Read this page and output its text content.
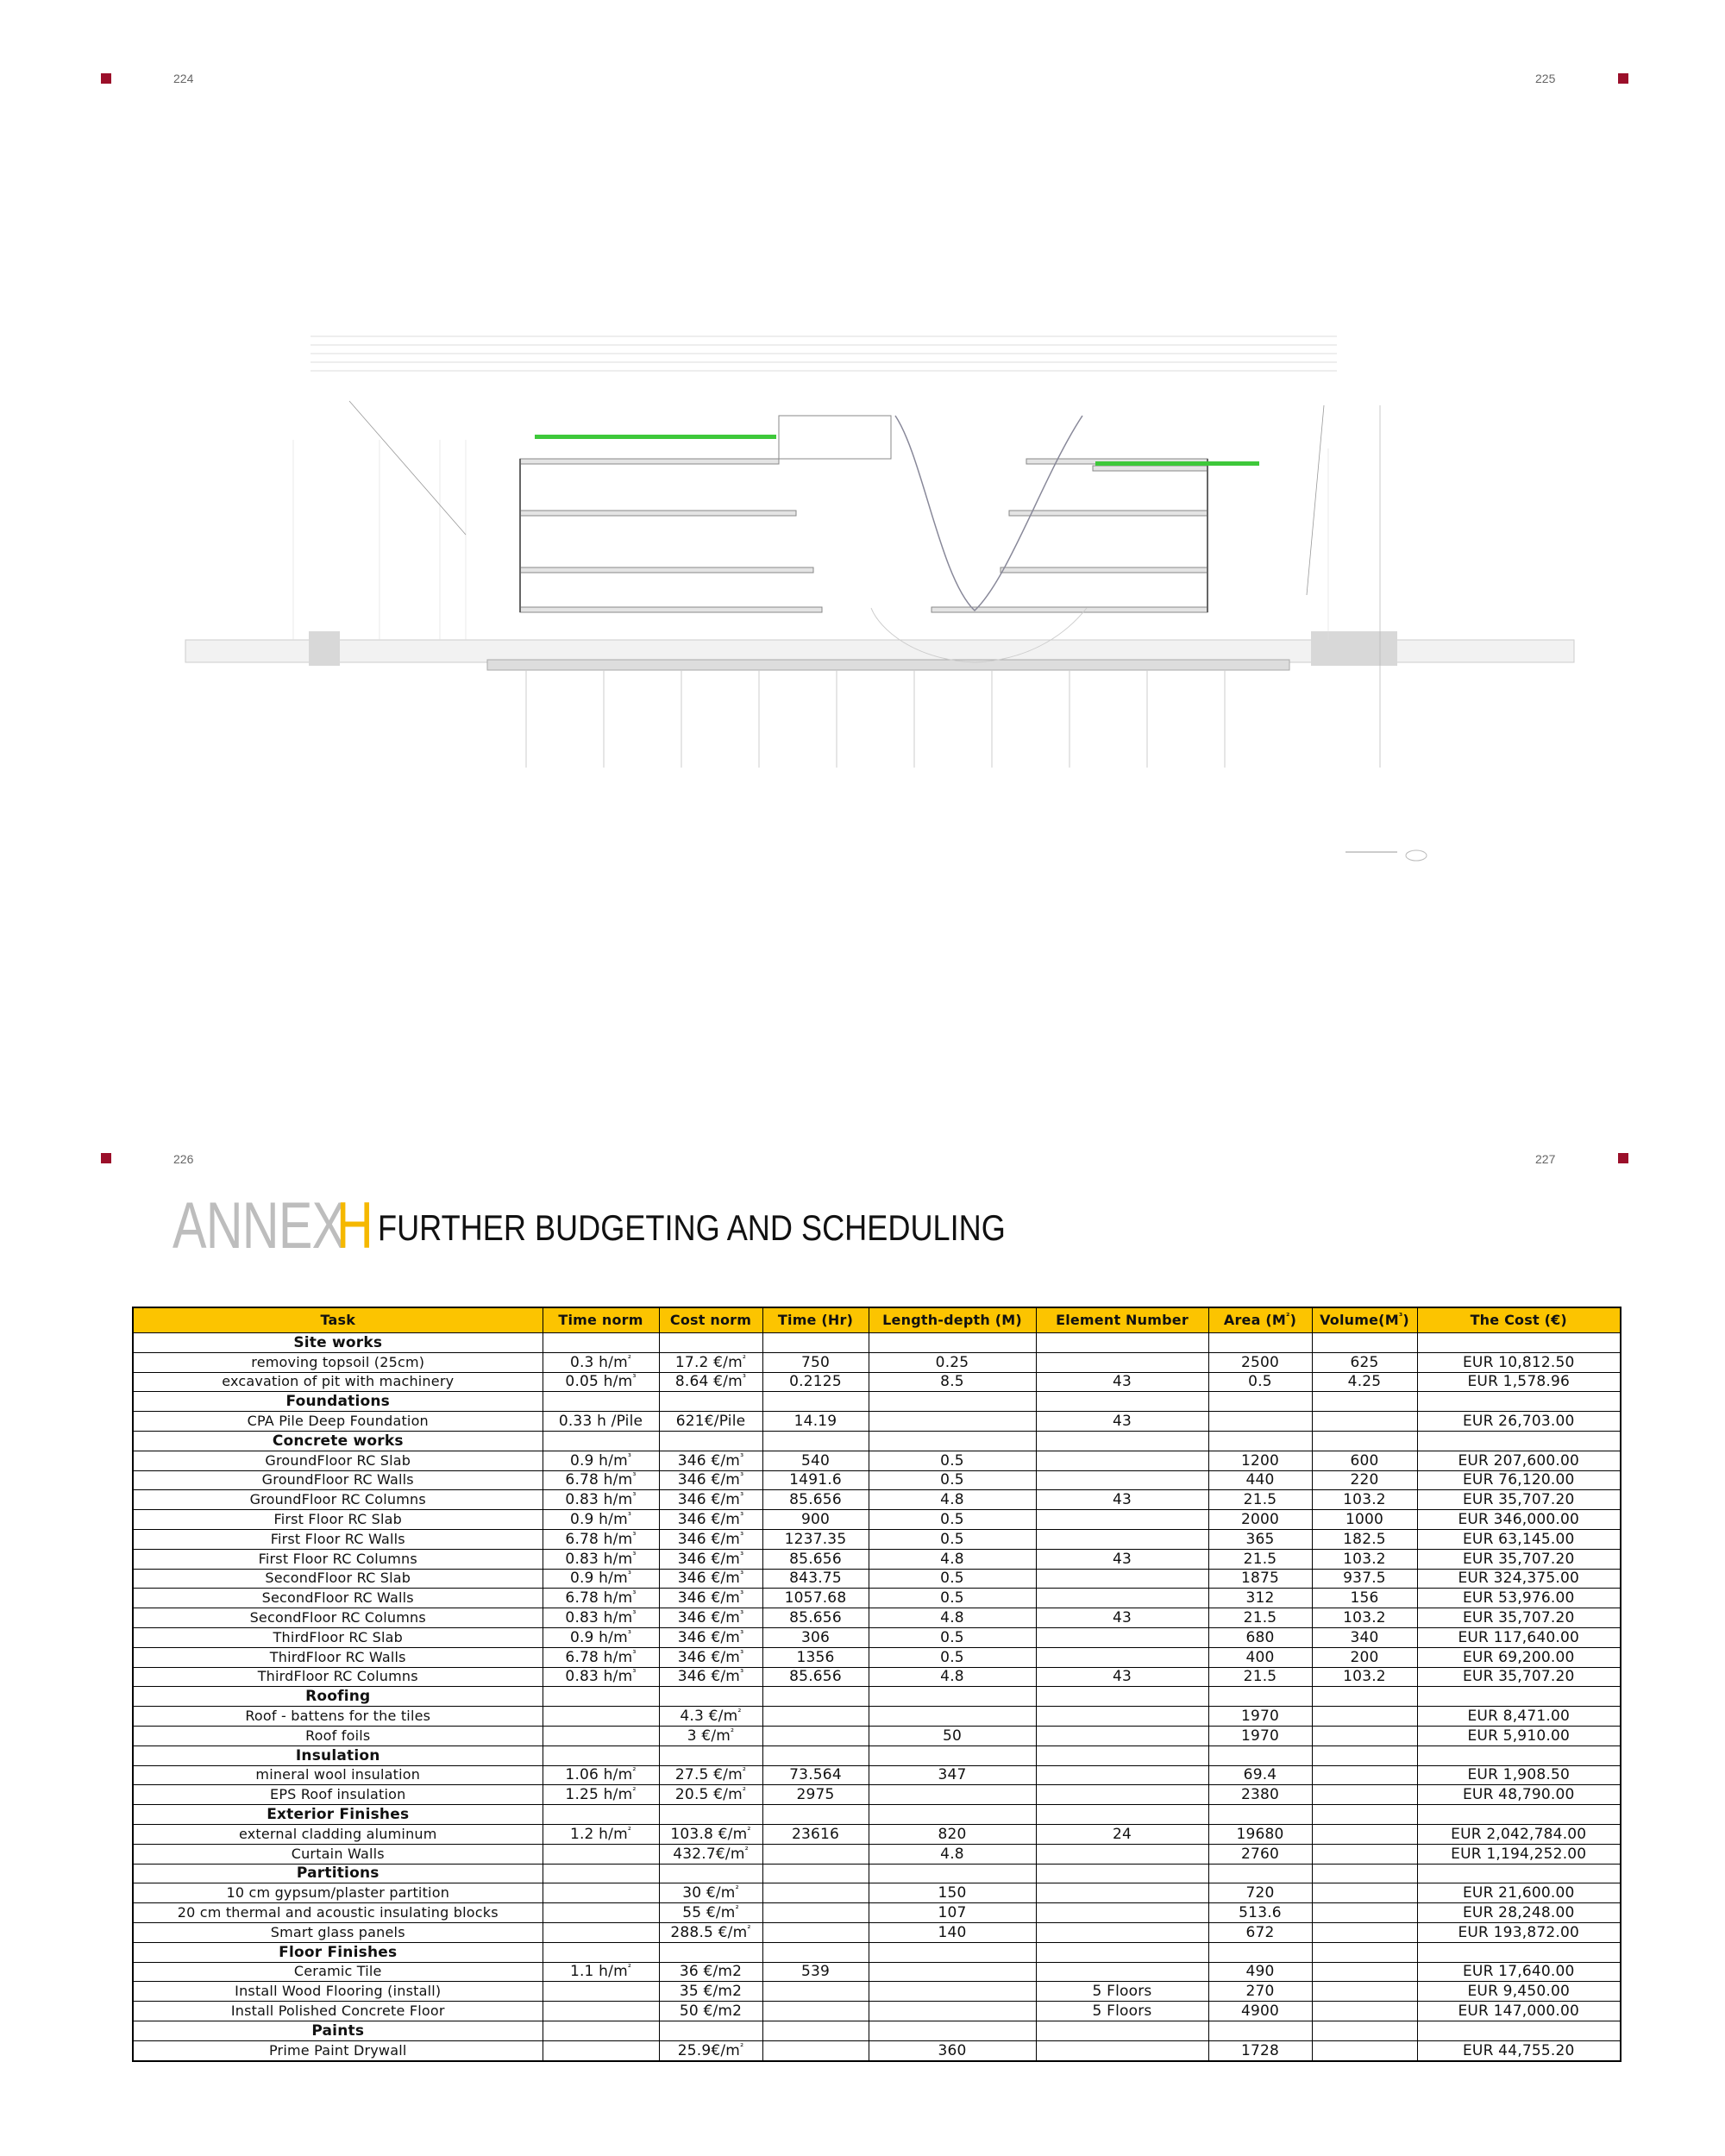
224	225
226	227
ANNEX
H FURTHER BUDGETING AND SCHEDULING
Task	Time norm	Cost norm	Time (Hr)	Length-depth (M)	Element Number	Area $(M^{^2})$	$Volume(M^{^3})$	The Cost (€)
Site works								
removing topsoil (25cm)	0.3 $h/m^{^2}$	17.2 $€/m^{^2}$	750	0.25		2500	625	EUR 10,812.50
excavation of pit with machinery	0.05 $h/m^{^3}$	8.64 $€/m^{^3}$	0.2125	8.5	43	0.5	4.25	EUR 1,578.96
Foundations								
CPA Pile Deep Foundation	0.33 h /Pile	621€/Pile	14.19		43			EUR 26,703.00
Concrete works								
GroundFloor RC Slab	0.9 $h/m^{^3}$	346 $€/m^{^3}$	540	0.5		1200	600	EUR 207,600.00
GroundFloor RC Walls	6.78 $h/m^{^3}$	346 $€/m^{^3}$	1491.6	0.5		440	220	EUR 76,120.00
GroundFloor RC Columns	0.83 $h/m^{^3}$	346 $€/m^{^3}$	85.656	4.8	43	21.5	103.2	EUR 35,707.20
First Floor RC Slab	0.9 $h/m^{^3}$	346 $€/m^{^3}$	900	0.5		2000	1000	EUR 346,000.00
First Floor RC Walls	6.78 $h/m^{^3}$	346 $€/m^{^3}$	1237.35	0.5		365	182.5	EUR 63,145.00
First Floor RC Columns	0.83 $h/m^{^3}$	346 $€/m^{^3}$	85.656	4.8	43	21.5	103.2	EUR 35,707.20
SecondFloor RC Slab	0.9 $h/m^{^3}$	346 $€/m^{^3}$	843.75	0.5		1875	937.5	EUR 324,375.00
SecondFloor RC Walls	6.78 $h/m^{^3}$	346 $€/m^{^3}$	1057.68	0.5		312	156	EUR 53,976.00
SecondFloor RC Columns	0.83 $h/m^{^3}$	346 $€/m^{^3}$	85.656	4.8	43	21.5	103.2	EUR 35,707.20
ThirdFloor RC Slab	0.9 $h/m^{^3}$	346 $€/m^{^3}$	306	0.5		680	340	EUR 117,640.00
ThirdFloor RC Walls	6.78 $h/m^{^3}$	346 $€/m^{^3}$	1356	0.5		400	200	EUR 69,200.00
ThirdFloor RC Columns	0.83 $h/m^{^3}$	346 $€/m^{^3}$	85.656	4.8	43	21.5	103.2	EUR 35,707.20
Roofing								
Roof - battens for the tiles		4.3 $€/m^{^2}$				1970		EUR 8,471.00
Roof foils		3 $€/m^{^2}$		50		1970		EUR 5,910.00
Insulation								
mineral wool insulation	1.06 $h/m^{^2}$	27.5 $€/m^{^2}$	73.564	347		69.4		EUR 1,908.50
EPS Roof insulation	1.25 $h/m^{^2}$	20.5 $€/m^{^2}$	2975			2380		EUR 48,790.00
Exterior Finishes								
external cladding aluminum	1.2 $h/m^{^2}$	103.8 $€/m^{^2}$	23616	820	24	19680		EUR 2,042,784.00
Curtain Walls		$432.7€/m^{^2}$		4.8		2760		EUR 1,194,252.00
Partitions								
10 cm gypsum/plaster partition		30 $€/m^{^2}$		150		720		EUR 21,600.00
20 cm thermal and acoustic insulating blocks		55 $€/m^{^2}$		107		513.6		EUR 28,248.00
Smart glass panels		288.5 $€/m^{^2}$		140		672		EUR 193,872.00
Floor Finishes								
Ceramic Tile	1.1 $h/m^{^2}$	36 €/m2	539			490		EUR 17,640.00
Install Wood Flooring (install)		35 €/m2			5 Floors	270		EUR 9,450.00
Install Polished Concrete Floor		50 €/m2			5 Floors	4900		EUR 147,000.00
Paints								
Prime Paint Drywall		$25.9€/m^{^2}$		360		1728		EUR 44,755.20
